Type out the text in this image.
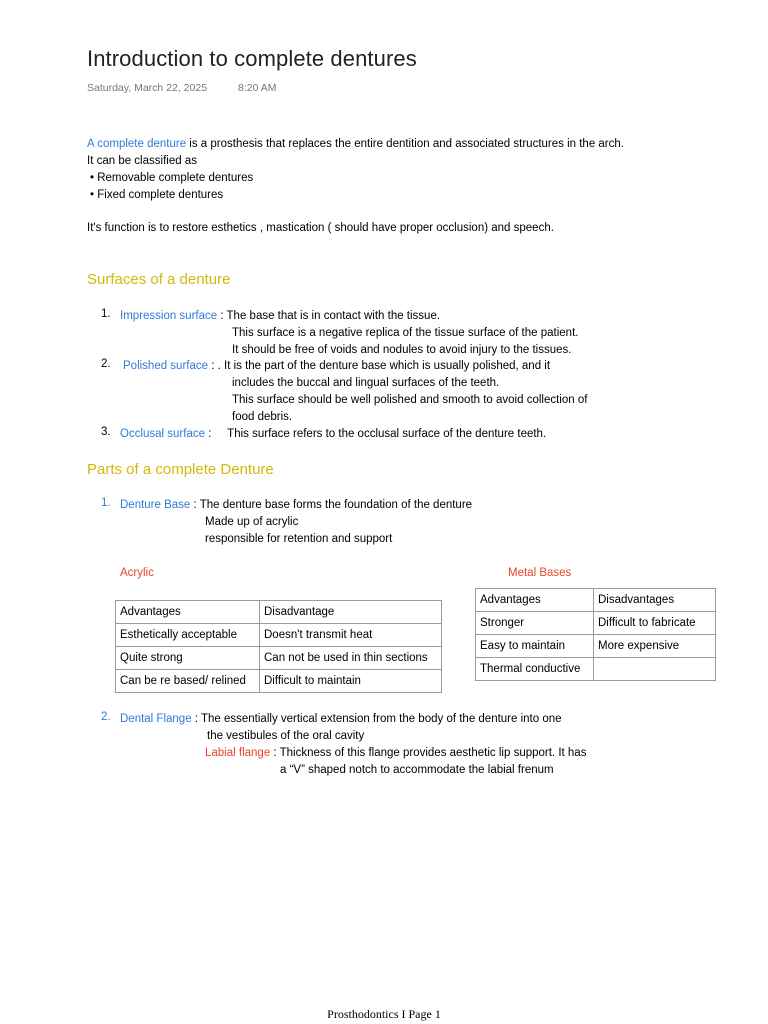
Introduction to complete dentures
Saturday, March 22, 2025	8:20 AM
A complete denture is a prosthesis that replaces the entire dentition and associated structures in the arch.
It can be classified as
• Removable complete dentures
• Fixed complete dentures
It's function is to restore esthetics , mastication ( should have proper occlusion) and speech.
Surfaces of a denture
1. Impression surface : The base that is in contact with the tissue.
This surface is a negative replica of the tissue surface of the patient.
It should be free of voids and nodules to avoid injury to the tissues.
2. Polished surface : . It is the part of the denture base which is usually polished, and it
includes the buccal and lingual surfaces of the teeth.
This surface should be well polished and smooth to avoid collection of
food debris.
3. Occlusal surface :     This surface refers to the occlusal surface of the denture teeth.
Parts of a complete Denture
1. Denture Base : The denture base forms the foundation of the denture
Made up of acrylic
responsible for retention and support
Acrylic
Advantages	Disadvantage
Esthetically acceptable	Doesn't transmit heat
Quite strong	Can not be used in thin sections
Can be re based/ relined	Difficult to maintain
Metal Bases
Advantages	Disadvantages
Stronger	Difficult to fabricate
Easy to maintain	More expensive
Thermal conductive	
2. Dental Flange : The essentially vertical extension from the body of the denture into one
the vestibules of the oral cavity
Labial flange : Thickness of this flange provides aesthetic lip support. It has
a “V” shaped notch to accommodate the labial frenum
Prosthodontics I Page 1
